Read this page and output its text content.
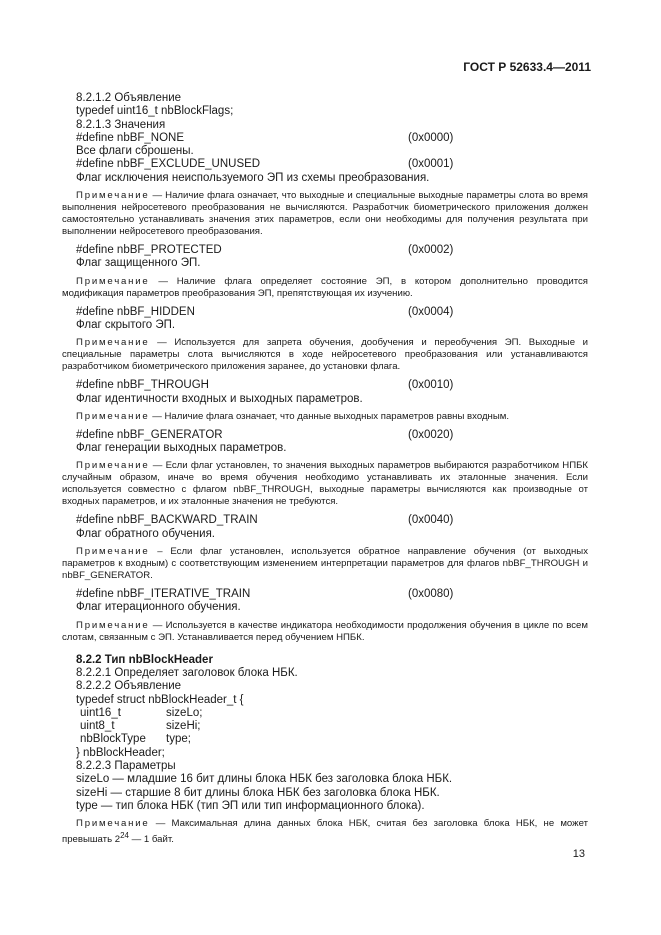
ГОСТ Р 52633.4—2011
8.2.1.2 Объявление
typedef uint16_t nbBlockFlags;
8.2.1.3 Значения
#define nbBF_NONE	(0x0000)
Все флаги сброшены.
#define nbBF_EXCLUDE_UNUSED	(0x0001)
Флаг исключения неиспользуемого ЭП из схемы преобразования.
Примечание — Наличие флага означает, что выходные и специальные выходные параметры слота во время выполнения нейросетевого преобразования не вычисляются. Разработчик биометрического приложения должен самостоятельно устанавливать значения этих параметров, если они необходимы для получения результата при выполнении нейросетевого преобразования.
#define nbBF_PROTECTED	(0x0002)
Флаг защищенного ЭП.
Примечание — Наличие флага определяет состояние ЭП, в котором дополнительно проводится модификация параметров преобразования ЭП, препятствующая их изучению.
#define nbBF_HIDDEN	(0x0004)
Флаг скрытого ЭП.
Примечание — Используется для запрета обучения, дообучения и переобучения ЭП. Выходные и специальные параметры слота вычисляются в ходе нейросетевого преобразования или устанавливаются разработчиком биометрического приложения заранее, до установки флага.
#define nbBF_THROUGH	(0x0010)
Флаг идентичности входных и выходных параметров.
Примечание — Наличие флага означает, что данные выходных параметров равны входным.
#define nbBF_GENERATOR	(0x0020)
Флаг генерации выходных параметров.
Примечание — Если флаг установлен, то значения выходных параметров выбираются разработчиком НПБК случайным образом, иначе во время обучения необходимо устанавливать их эталонные значения. Если используется совместно с флагом nbBF_THROUGH, выходные параметры вычисляются как производные от входных параметров, и их эталонные значения не требуются.
#define nbBF_BACKWARD_TRAIN	(0x0040)
Флаг обратного обучения.
Примечание – Если флаг установлен, используется обратное направление обучения (от выходных параметров к входным) с соответствующим изменением интерпретации параметров для флагов nbBF_THROUGH и nbBF_GENERATOR.
#define nbBF_ITERATIVE_TRAIN	(0x0080)
Флаг итерационного обучения.
Примечание — Используется в качестве индикатора необходимости продолжения обучения в цикле по всем слотам, связанным с ЭП. Устанавливается перед обучением НПБК.
8.2.2 Тип nbBlockHeader
8.2.2.1 Определяет заголовок блока НБК.
8.2.2.2 Объявление
typedef struct nbBlockHeader_t {
uint16_t	sizeLo;
uint8_t	sizeHi;
nbBlockType type;
} nbBlockHeader;
8.2.2.3 Параметры
sizeLo — младшие 16 бит длины блока НБК без заголовка блока НБК.
sizeHi — старшие 8 бит длины блока НБК без заголовка блока НБК.
type — тип блока НБК (тип ЭП или тип информационного блока).
Примечание — Максимальная длина данных блока НБК, считая без заголовка блока НБК, не может превышать $2^{24}$ — 1 байт.
13
